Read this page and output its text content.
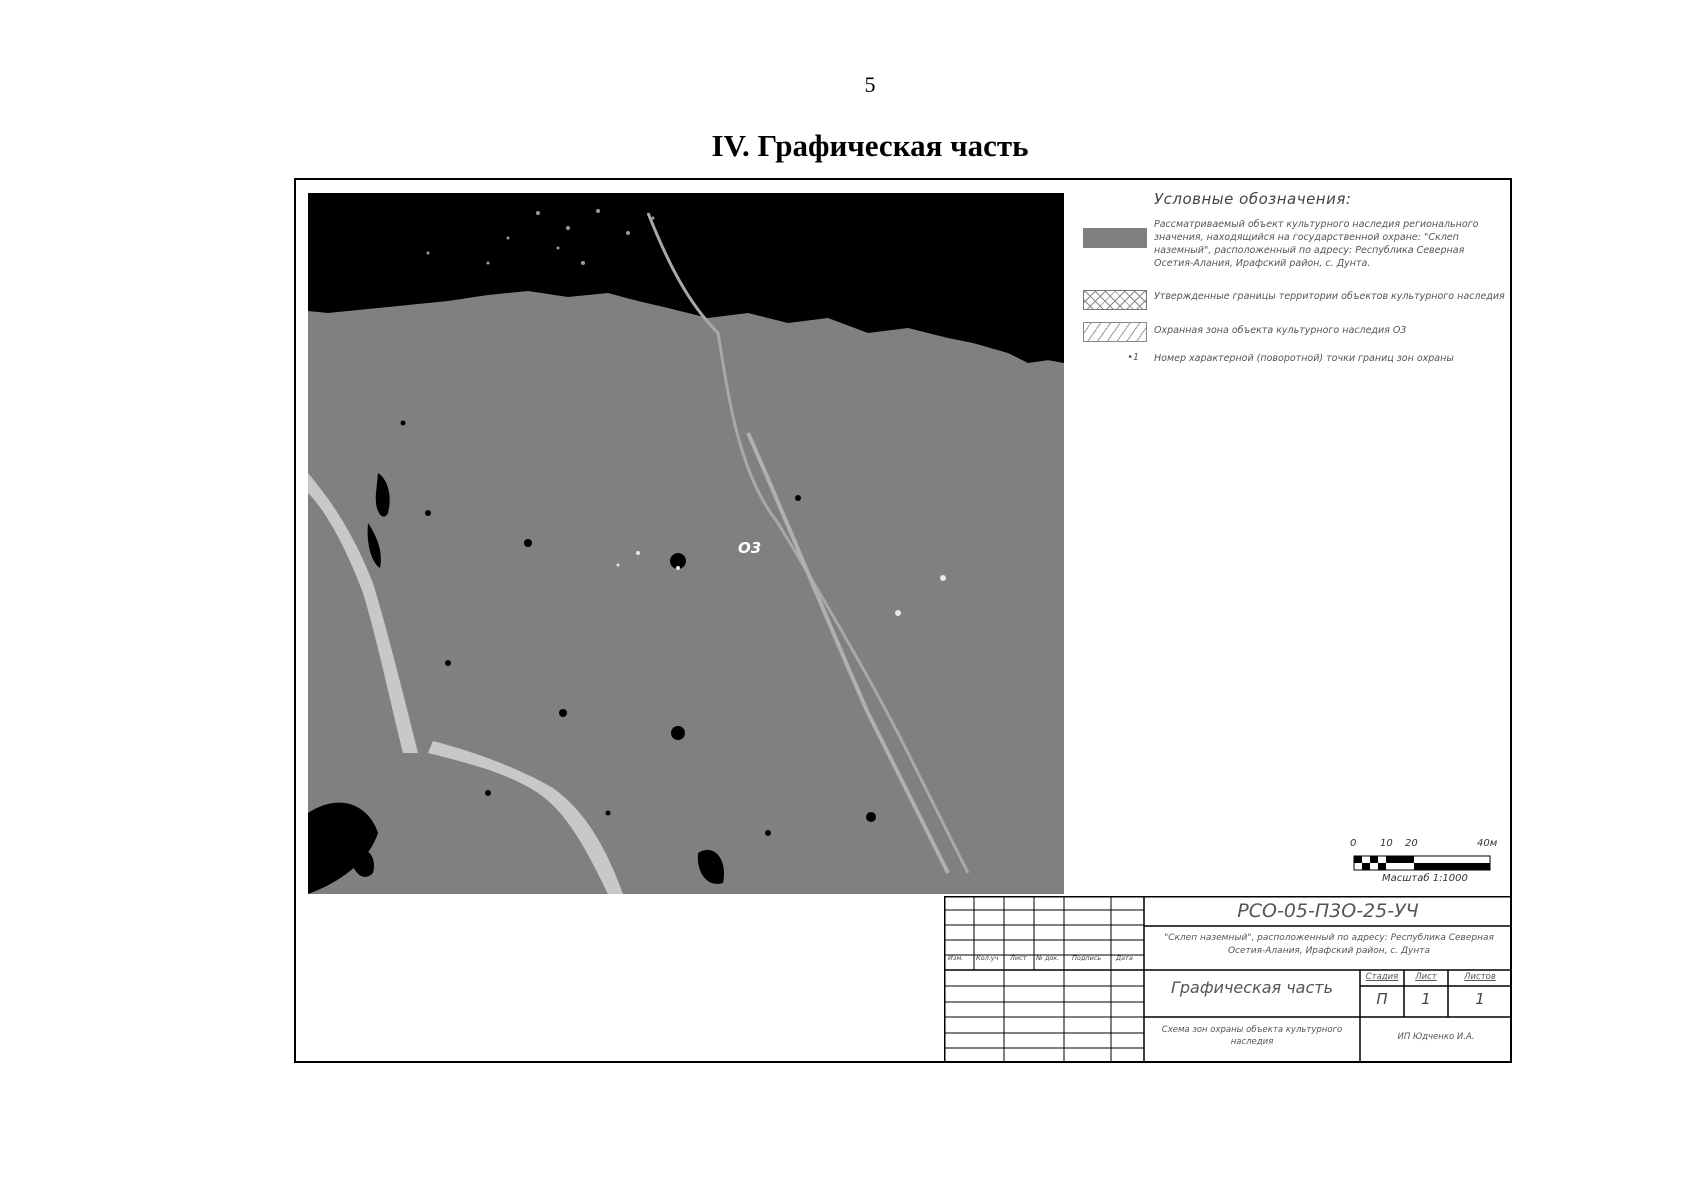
5
IV. Графическая часть
О3
Условные обозначения:
Рассматриваемый объект культурного наследия регионального значения, находящийся на государственной охране: "Склеп наземный", расположенный по адресу: Республика Северная Осетия-Алания, Ирафский район, с. Дунта.
Утвержденные границы территории объектов культурного наследия
Охранная зона объекта культурного наследия О3
•1	Номер характерной (поворотной) точки границ зон охраны
0 10 20	40м
Масштаб 1:1000
Изм. Кол.уч Лист № док. Подпись Дата
РСО-05-П3О-25-УЧ
"Склеп наземный", расположенный по адресу: Республика Северная Осетия-Алания, Ирафский район, с. Дунта
Графическая часть
Стадия	Лист	Листов
П	1	1
Схема зон охраны объекта культурного наследия	ИП Юдченко И.А.
